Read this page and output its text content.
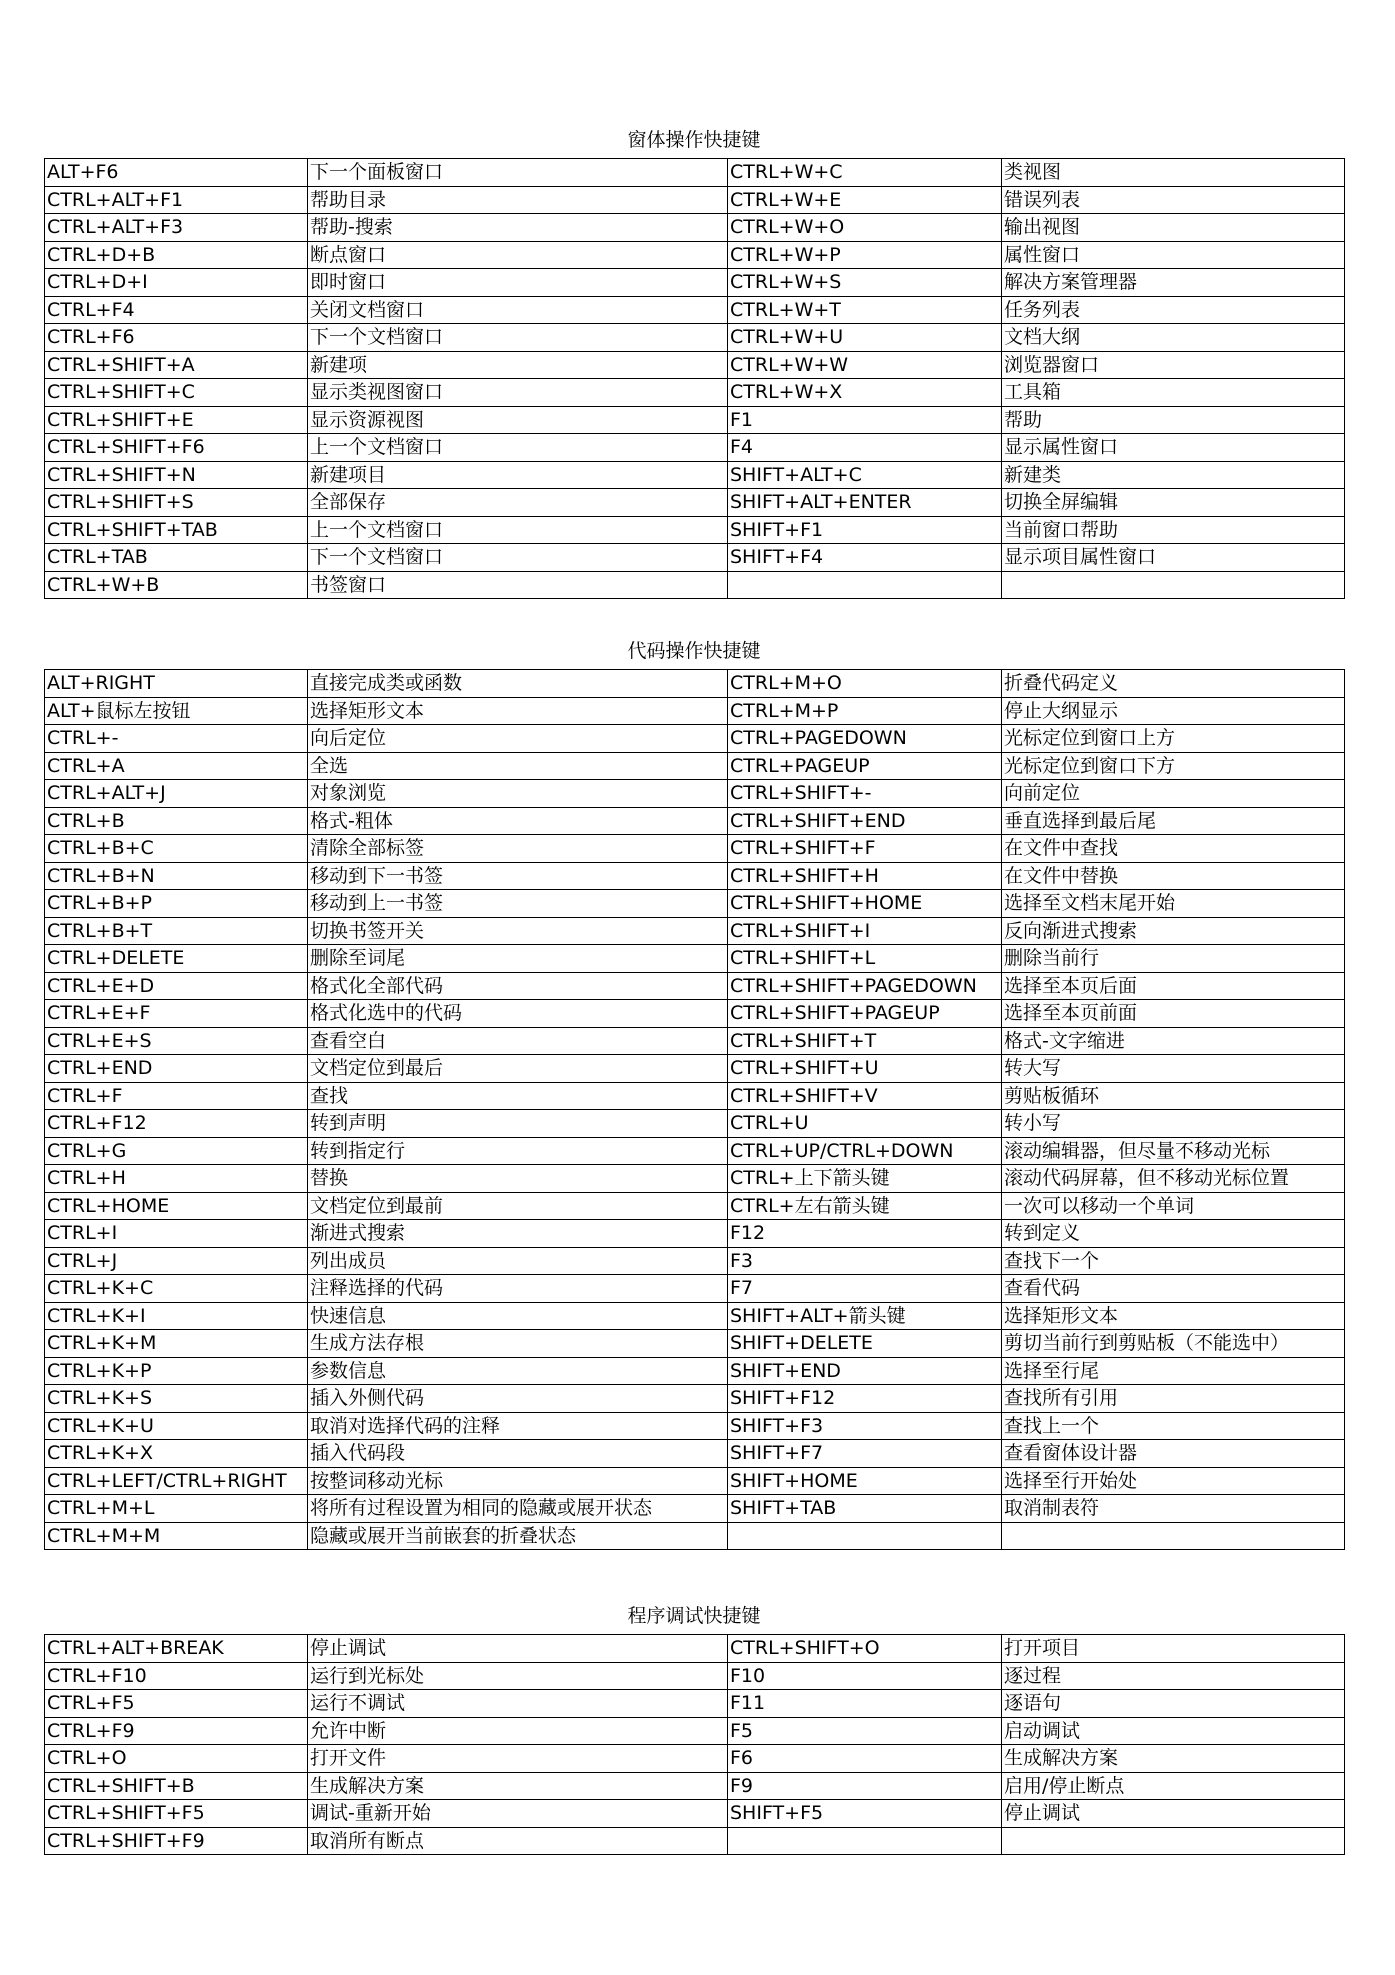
窗体操作快捷键
ALT+F6	下一个面板窗口	CTRL+W+C	类视图
CTRL+ALT+F1	帮助目录	CTRL+W+E	错误列表
CTRL+ALT+F3	帮助-搜索	CTRL+W+O	输出视图
CTRL+D+B	断点窗口	CTRL+W+P	属性窗口
CTRL+D+I	即时窗口	CTRL+W+S	解决方案管理器
CTRL+F4	关闭文档窗口	CTRL+W+T	任务列表
CTRL+F6	下一个文档窗口	CTRL+W+U	文档大纲
CTRL+SHIFT+A	新建项	CTRL+W+W	浏览器窗口
CTRL+SHIFT+C	显示类视图窗口	CTRL+W+X	工具箱
CTRL+SHIFT+E	显示资源视图	F1	帮助
CTRL+SHIFT+F6	上一个文档窗口	F4	显示属性窗口
CTRL+SHIFT+N	新建项目	SHIFT+ALT+C	新建类
CTRL+SHIFT+S	全部保存	SHIFT+ALT+ENTER	切换全屏编辑
CTRL+SHIFT+TAB	上一个文档窗口	SHIFT+F1	当前窗口帮助
CTRL+TAB	下一个文档窗口	SHIFT+F4	显示项目属性窗口
CTRL+W+B	书签窗口		
代码操作快捷键
ALT+RIGHT	直接完成类或函数	CTRL+M+O	折叠代码定义
ALT+鼠标左按钮	选择矩形文本	CTRL+M+P	停止大纲显示
CTRL+-	向后定位	CTRL+PAGEDOWN	光标定位到窗口上方
CTRL+A	全选	CTRL+PAGEUP	光标定位到窗口下方
CTRL+ALT+J	对象浏览	CTRL+SHIFT+-	向前定位
CTRL+B	格式-粗体	CTRL+SHIFT+END	垂直选择到最后尾
CTRL+B+C	清除全部标签	CTRL+SHIFT+F	在文件中查找
CTRL+B+N	移动到下一书签	CTRL+SHIFT+H	在文件中替换
CTRL+B+P	移动到上一书签	CTRL+SHIFT+HOME	选择至文档末尾开始
CTRL+B+T	切换书签开关	CTRL+SHIFT+I	反向渐进式搜索
CTRL+DELETE	删除至词尾	CTRL+SHIFT+L	删除当前行
CTRL+E+D	格式化全部代码	CTRL+SHIFT+PAGEDOWN	选择至本页后面
CTRL+E+F	格式化选中的代码	CTRL+SHIFT+PAGEUP	选择至本页前面
CTRL+E+S	查看空白	CTRL+SHIFT+T	格式-文字缩进
CTRL+END	文档定位到最后	CTRL+SHIFT+U	转大写
CTRL+F	查找	CTRL+SHIFT+V	剪贴板循环
CTRL+F12	转到声明	CTRL+U	转小写
CTRL+G	转到指定行	CTRL+UP/CTRL+DOWN	滚动编辑器，但尽量不移动光标
CTRL+H	替换	CTRL+上下箭头键	滚动代码屏幕，但不移动光标位置
CTRL+HOME	文档定位到最前	CTRL+左右箭头键	一次可以移动一个单词
CTRL+I	渐进式搜索	F12	转到定义
CTRL+J	列出成员	F3	查找下一个
CTRL+K+C	注释选择的代码	F7	查看代码
CTRL+K+I	快速信息	SHIFT+ALT+箭头键	选择矩形文本
CTRL+K+M	生成方法存根	SHIFT+DELETE	剪切当前行到剪贴板（不能选中）
CTRL+K+P	参数信息	SHIFT+END	选择至行尾
CTRL+K+S	插入外侧代码	SHIFT+F12	查找所有引用
CTRL+K+U	取消对选择代码的注释	SHIFT+F3	查找上一个
CTRL+K+X	插入代码段	SHIFT+F7	查看窗体设计器
CTRL+LEFT/CTRL+RIGHT	按整词移动光标	SHIFT+HOME	选择至行开始处
CTRL+M+L	将所有过程设置为相同的隐藏或展开状态	SHIFT+TAB	取消制表符
CTRL+M+M	隐藏或展开当前嵌套的折叠状态		
程序调试快捷键
CTRL+ALT+BREAK	停止调试	CTRL+SHIFT+O	打开项目
CTRL+F10	运行到光标处	F10	逐过程
CTRL+F5	运行不调试	F11	逐语句
CTRL+F9	允许中断	F5	启动调试
CTRL+O	打开文件	F6	生成解决方案
CTRL+SHIFT+B	生成解决方案	F9	启用/停止断点
CTRL+SHIFT+F5	调试-重新开始	SHIFT+F5	停止调试
CTRL+SHIFT+F9	取消所有断点		
